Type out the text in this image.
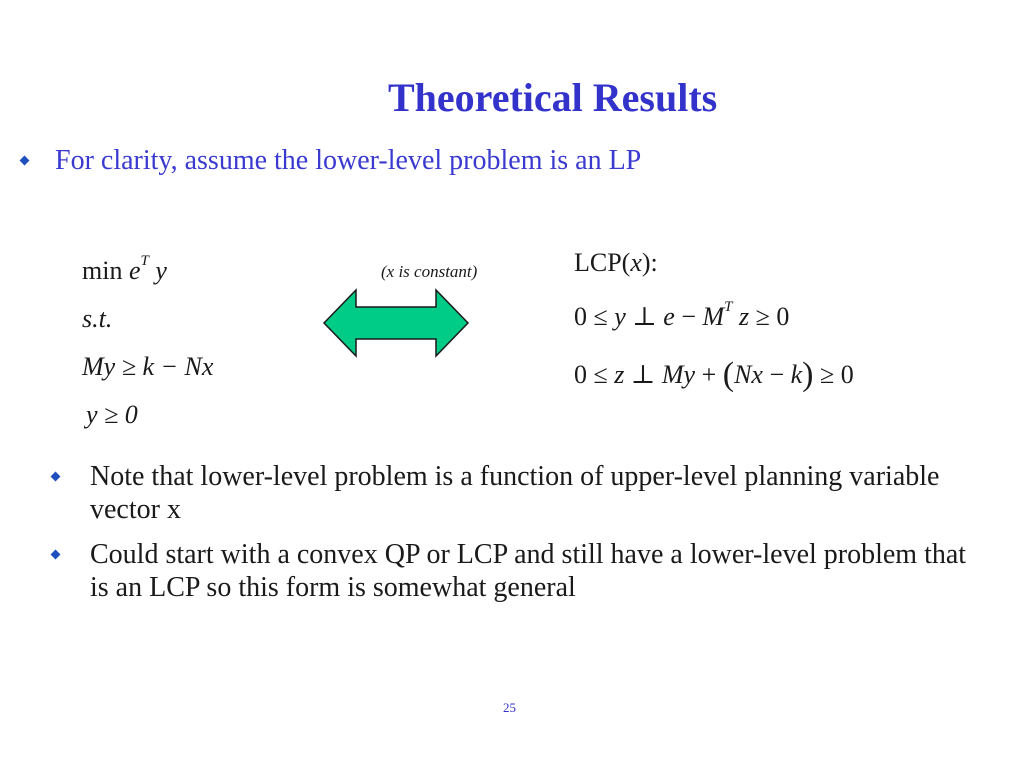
Theoretical Results
For clarity, assume the lower-level problem is an LP
$\min e^T$ y
s.t.
My ≥ k − Nx
y ≥ 0
(x is constant)	LCP(x):
0 ≤ y ⊥ $e - M^T$ z ≥ 0
0 ≤ z ⊥ My + (Nx − k) ≥ 0
Note that lower-level problem is a function of upper-level planning variable vector x
Could start with a convex QP or LCP and still have a lower-level problem that is an LCP so this form is somewhat general
25
